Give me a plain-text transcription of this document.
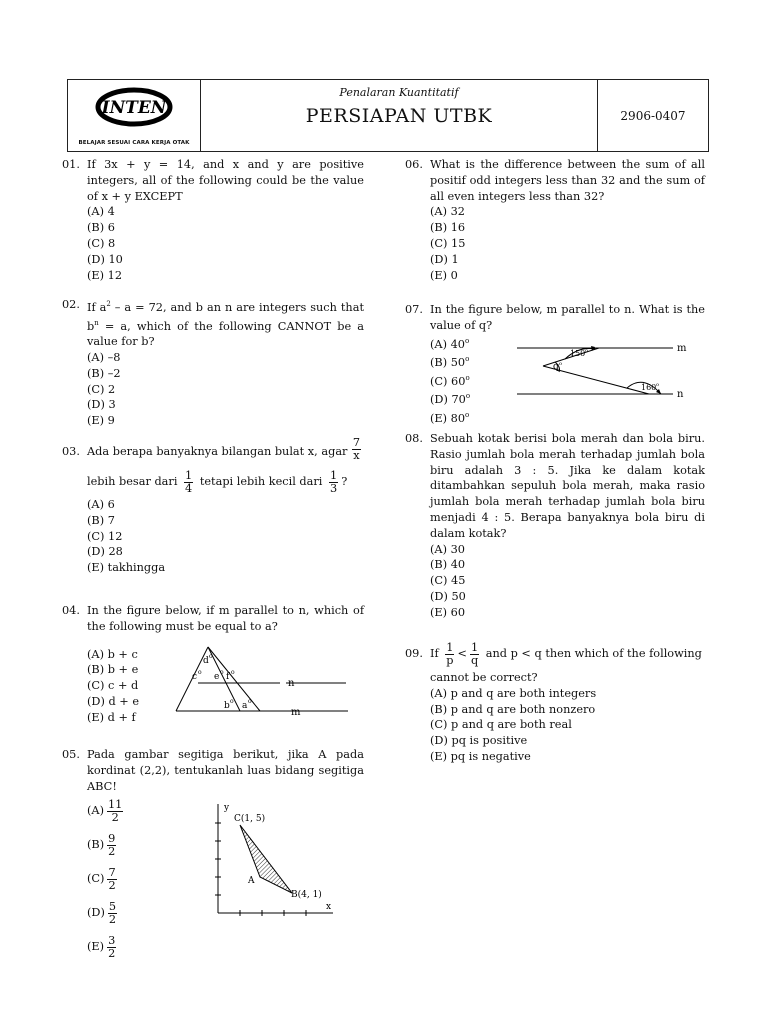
INTEN
BELAJAR SESUAI CARA KERJA OTAK
Penalaran Kuantitatif
PERSIAPAN UTBK	2906-0407
01. If 3x + y = 14, and x and y are positive integers, all of the following could be the value of x + y EXCEPT
(A) 4
(B) 6
(C) 8
(D) 10
(E) 12
02. If $a^2 - a = 72$, and b an n are integers such that $b^n = a$, which of the following CANNOT be a value for b?
(A) –8
(B) –2
(C) 2
(D) 3
(E) 9
03. Ada berapa banyaknya bilangan bulat x, agar $\frac{7}{x}$
lebih besar dari $\frac{1}{4}$ tetapi lebih kecil dari $\frac{1}{3}$ ?
(A) 6
(B) 7
(C) 12
(D) 28
(E) takhingga
04. In the figure below, if m parallel to n, which of the following must be equal to a?
(A) b + c
(B) b + e
(C) c + d
(D) d + e
(E) d + f
d o
c o e o f o
b o a o
n
m
05. Pada gambar segitiga berikut, jika A pada kordinat (2,2), tentukanlah luas bidang segitiga ABC!
$(A) \frac{11}{2}$
$(B) \frac{9}{2}$
$(C) \frac{7}{2}$
$(D) \frac{5}{2}$
$(E) \frac{3}{2}$
y
x
C(1, 5)
A
B(4, 1)
06. What is the difference between the sum of all positif odd integers less than 32 and the sum of all even integers less than 32?
(A) 32
(B) 16
(C) 15
(D) 1
(E) 0
07. In the figure below, m parallel to n. What is the value of q?
(A) 40$^o$
(B) 50$^o$
(C) 60$^o$
(D) 70$^o$
(E) 80$^o$
150 o
160 o
q o
m
n
08. Sebuah kotak berisi bola merah dan bola biru. Rasio jumlah bola merah terhadap jumlah bola biru adalah 3 : 5. Jika ke dalam kotak ditambahkan sepuluh bola merah, maka rasio jumlah bola merah terhadap jumlah bola biru menjadi 4 : 5. Berapa banyaknya bola biru di dalam kotak?
(A) 30
(B) 40
(C) 45
(D) 50
(E) 60
09. If $\frac{1}{p} < \frac{1}{q}$ and p < q then which of the following
cannot be correct?
(A) p and q are both integers
(B) p and q are both nonzero
(C) p and q are both real
(D) pq is positive
(E) pq is negative
